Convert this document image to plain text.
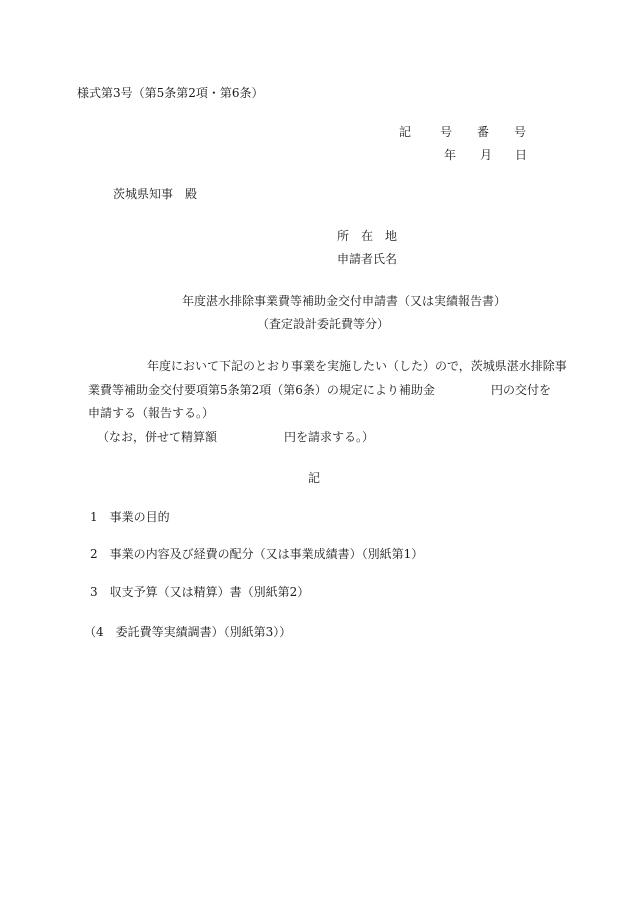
様式第3号（第5条第2項・第6条）
記 号 番 号
年 月 日
茨城県知事　殿
所　在　地
申請者氏名
年度湛水排除事業費等補助金交付申請書（又は実績報告書）
（査定設計委託費等分）
年度において下記のとおり事業を実施したい（した）ので，茨城県湛水排除事
業費等補助金交付要項第5条第2項（第6条）の規定により補助金	円の交付を
申請する（報告する。）
（なお，併せて精算額	円を請求する。）
記
1　事業の目的
2　事業の内容及び経費の配分（又は事業成績書）（別紙第1）
3　収支予算（又は精算）書（別紙第2）
（4　委託費等実績調書）（別紙第3））
